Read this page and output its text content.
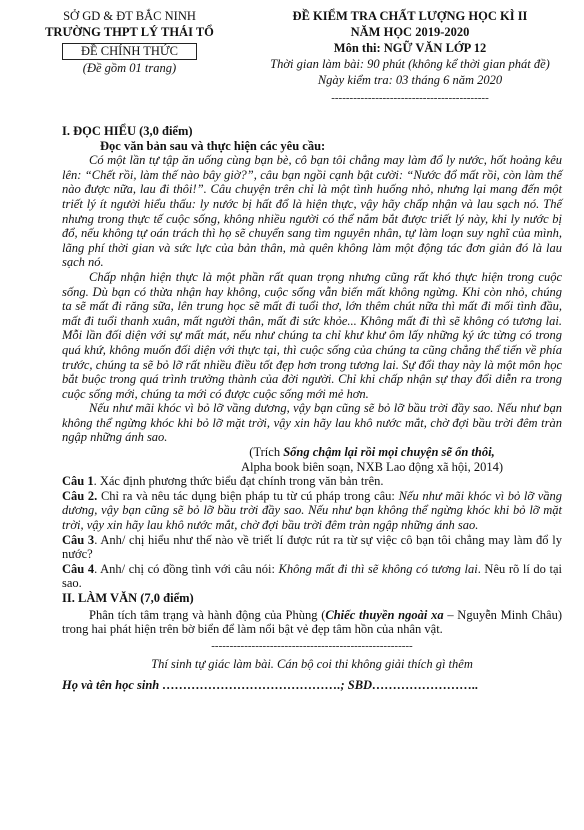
SỞ GD & ĐT BẮC NINH
TRƯỜNG THPT LÝ THÁI TỔ
ĐỀ CHÍNH THỨC
(Đề gồm 01 trang)
ĐỀ KIỂM TRA CHẤT LƯỢNG HỌC KÌ II
NĂM HỌC 2019-2020
Môn thi: NGỮ VĂN LỚP 12
Thời gian làm bài: 90 phút (không kể thời gian phát đề)
Ngày kiểm tra: 03 tháng 6 năm 2020
-------------------------------------------

I. ĐỌC HIỂU (3,0 điểm)

Đọc văn bản sau và thực hiện các yêu cầu:

Có một lần tự tập ăn uống cùng bạn bè, cô bạn tôi chẳng may làm đổ ly nước, hốt hoảng kêu lên: “Chết rồi, làm thế nào bây giờ?”, câu bạn ngồi cạnh bật cười: “Nước đổ mất rồi, còn làm thế nào được nữa, lau đi thôi!”. Câu chuyện trên chỉ là một tình huống nhỏ, nhưng lại mang đến một triết lý ít người hiểu thấu: ly nước bị hất đổ là hiện thực, vậy hãy chấp nhận và lau sạch nó. Thế nhưng trong thực tế cuộc sống, không nhiều người có thể nắm bắt được triết lý này, khi ly nước bị đổ, nếu không tự oán trách thì họ sẽ chuyển sang tìm nguyên nhân, tự làm loạn suy nghĩ của mình, lãng phí thời gian và sức lực của bản thân, mà quên không làm một động tác đơn giản đó là lau sạch nó.

Chấp nhận hiện thực là một phần rất quan trọng nhưng cũng rất khó thực hiện trong cuộc sống. Dù bạn có thừa nhận hay không, cuộc sống vẫn biến mất không ngừng. Khi còn nhỏ, chúng ta sẽ mất đi răng sữa, lên trung học sẽ mất đi tuổi thơ, lớn thêm chút nữa thì mất đi mối tình đầu, mất đi tuổi thanh xuân, mất người thân, mất đi sức khỏe... Không mất đi thì sẽ không có tương lai. Mỗi lần đối diện với sự mất mát, nếu như chúng ta chỉ khư khư ôm lấy những ký ức từng có trong quá khứ, không muốn đối diện với thực tại, thì cuộc sống của chúng ta cũng chẳng thể tiến về phía trước, chúng ta sẽ bỏ lỡ rất nhiều điều tốt đẹp hơn trong tương lai. Sự đổi thay này là một môn học bắt buộc trong quá trình trưởng thành của đời người. Chỉ khi chấp nhận sự thay đổi diễn ra trong cuộc sống mới, chúng ta mới có được cuộc sống mới mẻ hơn.

Nếu như mãi khóc vì bỏ lỡ vầng dương, vậy bạn cũng sẽ bỏ lỡ bầu trời đầy sao. Nếu như bạn không thể ngừng khóc khi bỏ lỡ mặt trời, vậy xin hãy lau khô nước mắt, chờ đợi bầu trời đêm tràn ngập những ánh sao.

(Trích Sống chậm lại rồi mọi chuyện sẽ ổn thôi,
Alpha book biên soạn, NXB Lao động xã hội, 2014)

Câu 1. Xác định phương thức biểu đạt chính trong văn bản trên.

Câu 2. Chỉ ra và nêu tác dụng biện pháp tu từ cú pháp trong câu: Nếu như mãi khóc vì bỏ lỡ vầng dương, vậy bạn cũng sẽ bỏ lỡ bầu trời đầy sao. Nếu như bạn không thể ngừng khóc khi bỏ lỡ mặt trời, vậy xin hãy lau khô nước mắt, chờ đợi bầu trời đêm tràn ngập những ánh sao.

Câu 3. Anh/ chị hiểu như thế nào về triết lí được rút ra từ sự việc cô bạn tôi chẳng may làm đổ ly nước?

Câu 4. Anh/ chị có đồng tình với câu nói: Không mất đi thì sẽ không có tương lai. Nêu rõ lí do tại sao.

II. LÀM VĂN (7,0 điểm)

Phân tích tâm trạng và hành động của Phùng (Chiếc thuyền ngoài xa – Nguyễn Minh Châu) trong hai phát hiện trên bờ biển để làm nổi bật vẻ đẹp tâm hồn của nhân vật.

-------------------------------------------------------

Thí sinh tự giác làm bài. Cán bộ coi thi không giải thích gì thêm

Họ và tên học sinh …………………………………….; SBD……………………..
